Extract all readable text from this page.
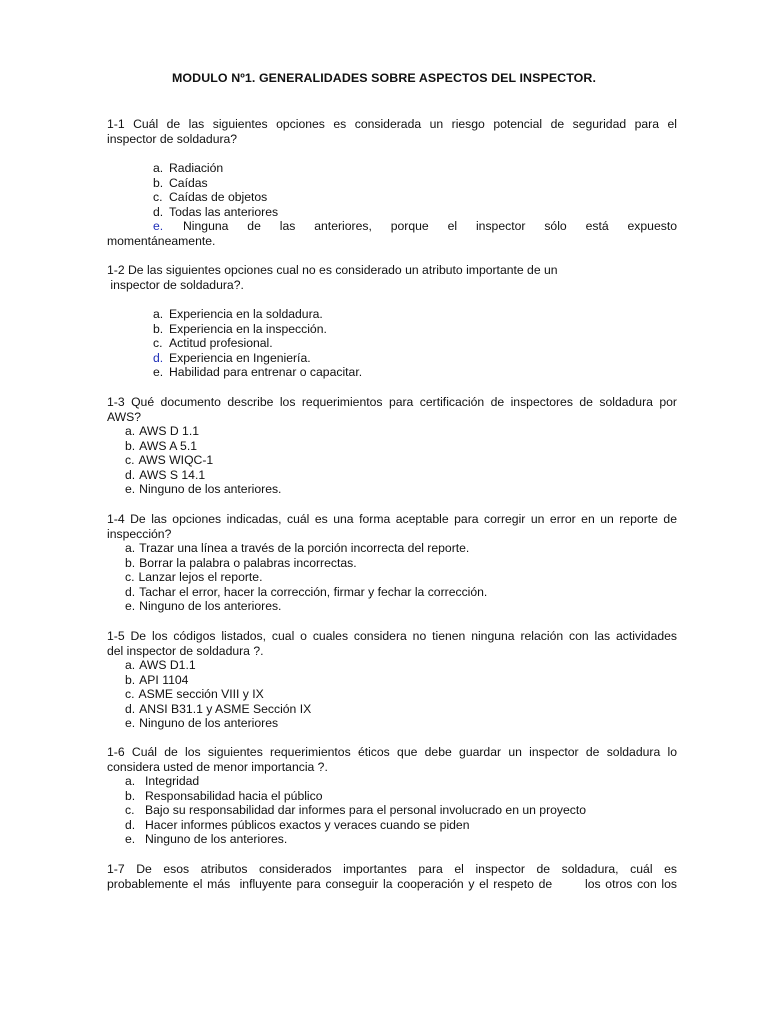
MODULO Nº1. GENERALIDADES SOBRE ASPECTOS DEL INSPECTOR.
1-1 Cuál de las siguientes opciones es considerada un riesgo potencial de seguridad para el
inspector de soldadura?
a. Radiación
b. Caídas
c. Caídas de objetos
d. Todas las anteriores
e. Ninguna de las anteriores, porque el inspector sólo está expuesto
momentáneamente.
1-2 De las siguientes opciones cual no es considerado un atributo importante de un
inspector de soldadura?.
a. Experiencia en la soldadura.
b. Experiencia en la inspección.
c. Actitud profesional.
d. Experiencia en Ingeniería.
e. Habilidad para entrenar o capacitar.
1-3 Qué documento describe los requerimientos para certificación de inspectores de soldadura por
AWS?
a. AWS D 1.1
b. AWS A 5.1
c. AWS WIQC-1
d. AWS S 14.1
e. Ninguno de los anteriores.
1-4 De las opciones indicadas, cuál es una forma aceptable para corregir un error en un reporte de
inspección?
a. Trazar una línea a través de la porción incorrecta del reporte.
b. Borrar la palabra o palabras incorrectas.
c. Lanzar lejos el reporte.
d. Tachar el error, hacer la corrección, firmar y fechar la corrección.
e. Ninguno de los anteriores.
1-5 De los códigos listados, cual o cuales considera no tienen ninguna relación con las actividades
del inspector de soldadura ?.
a. AWS D1.1
b. API 1104
c. ASME sección VIII y IX
d. ANSI B31.1 y ASME Sección IX
e. Ninguno de los anteriores
1-6 Cuál de los siguientes requerimientos éticos que debe guardar un inspector de soldadura lo
considera usted de menor importancia ?.
a. Integridad
b. Responsabilidad hacia el público
c. Bajo su responsabilidad dar informes para el personal involucrado en un proyecto
d. Hacer informes públicos exactos y veraces cuando se piden
e. Ninguno de los anteriores.
1-7 De esos atributos considerados importantes para el inspector de soldadura, cuál es
probablemente el más  influyente para conseguir la cooperación y el respeto de       los otros con los
